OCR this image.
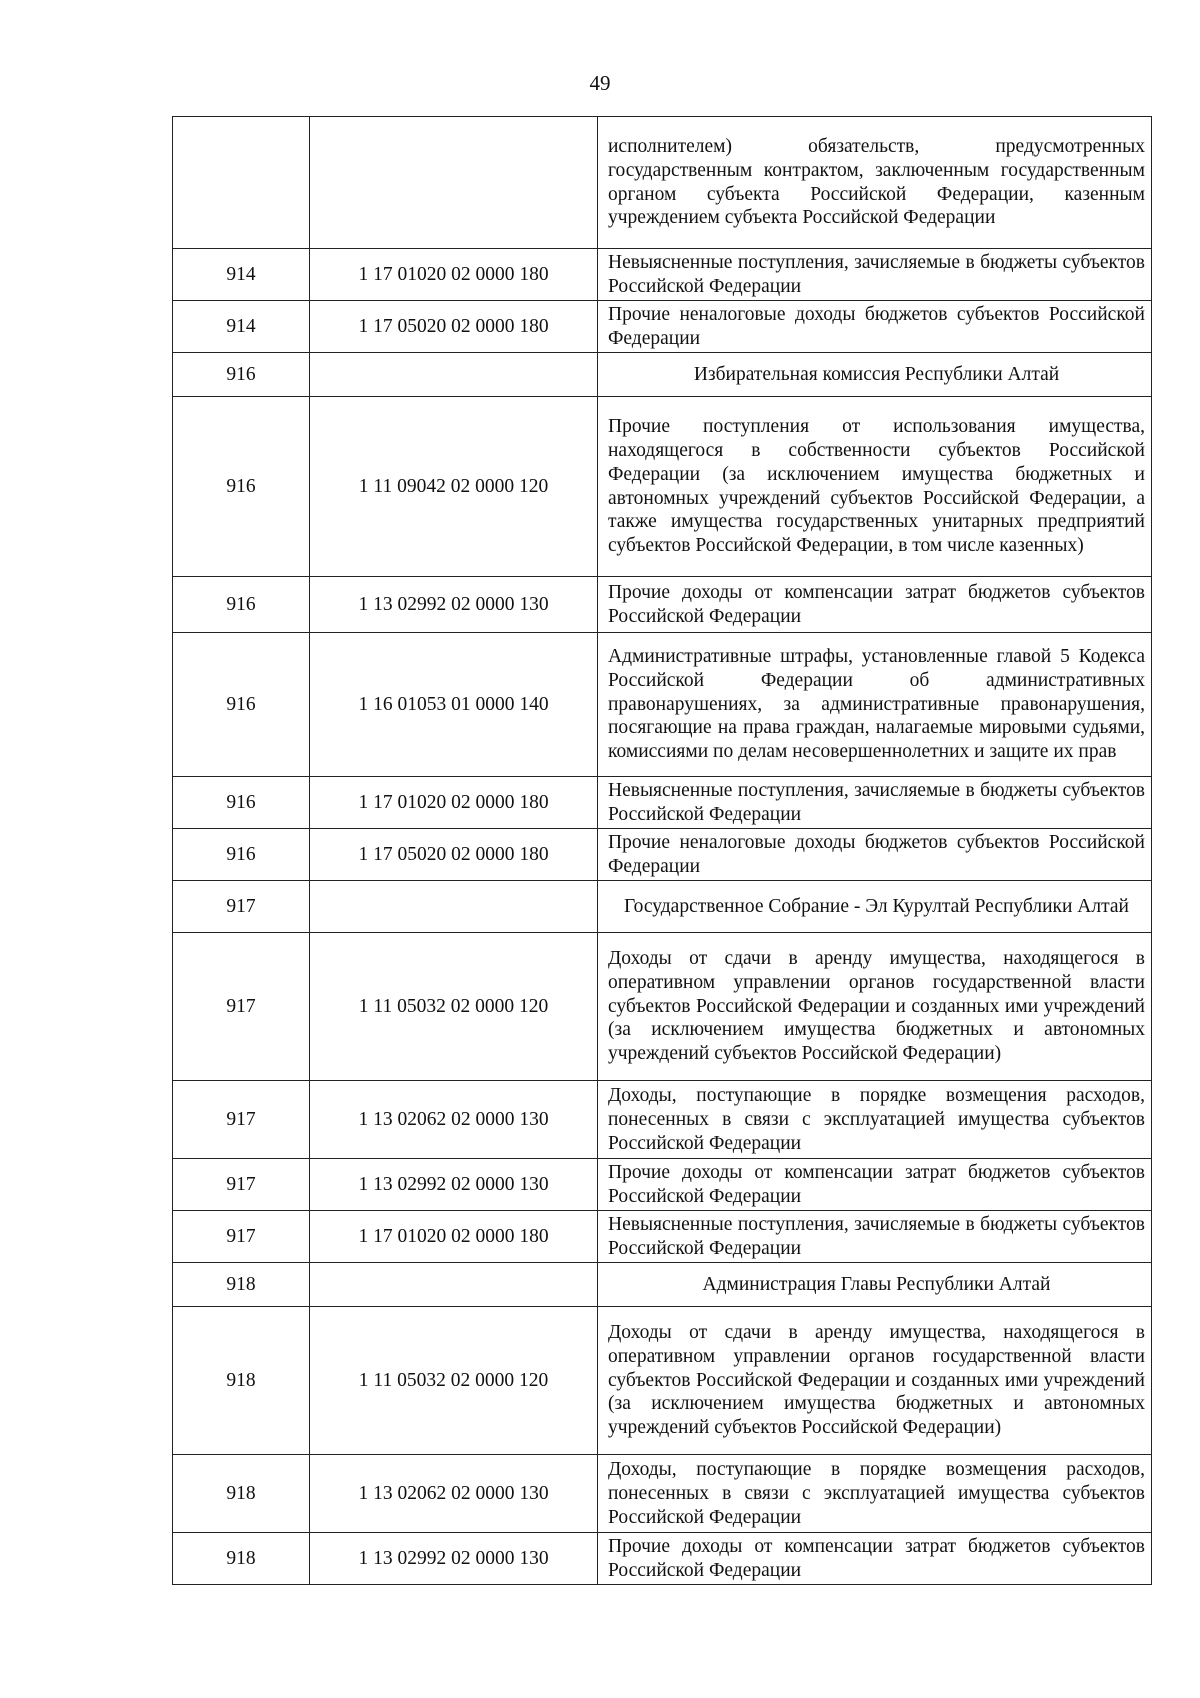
49
		исполнителем) обязательств, предусмотренных государственным контрактом, заключенным государственным органом субъекта Российской Федерации, казенным учреждением субъекта Российской Федерации
914	1 17 01020 02 0000 180	Невыясненные поступления, зачисляемые в бюджеты субъектов Российской Федерации
914	1 17 05020 02 0000 180	Прочие неналоговые доходы бюджетов субъектов Российской Федерации
916		Избирательная комиссия Республики Алтай
916	1 11 09042 02 0000 120	Прочие поступления от использования имущества, находящегося в собственности субъектов Российской Федерации (за исключением имущества бюджетных и автономных учреждений субъектов Российской Федерации, а также имущества государственных унитарных предприятий субъектов Российской Федерации, в том числе казенных)
916	1 13 02992 02 0000 130	Прочие доходы от компенсации затрат бюджетов субъектов Российской Федерации
916	1 16 01053 01 0000 140	Административные штрафы, установленные главой 5 Кодекса Российской Федерации об административных правонарушениях, за административные правонарушения, посягающие на права граждан, налагаемые мировыми судьями, комиссиями по делам несовершеннолетних и защите их прав
916	1 17 01020 02 0000 180	Невыясненные поступления, зачисляемые в бюджеты субъектов Российской Федерации
916	1 17 05020 02 0000 180	Прочие неналоговые доходы бюджетов субъектов Российской Федерации
917		Государственное Собрание - Эл Курултай Республики Алтай
917	1 11 05032 02 0000 120	Доходы от сдачи в аренду имущества, находящегося в оперативном управлении органов государственной власти субъектов Российской Федерации и созданных ими учреждений (за исключением имущества бюджетных и автономных учреждений субъектов Российской Федерации)
917	1 13 02062 02 0000 130	Доходы, поступающие в порядке возмещения расходов, понесенных в связи с эксплуатацией имущества субъектов Российской Федерации
917	1 13 02992 02 0000 130	Прочие доходы от компенсации затрат бюджетов субъектов Российской Федерации
917	1 17 01020 02 0000 180	Невыясненные поступления, зачисляемые в бюджеты субъектов Российской Федерации
918		Администрация Главы Республики Алтай
918	1 11 05032 02 0000 120	Доходы от сдачи в аренду имущества, находящегося в оперативном управлении органов государственной власти субъектов Российской Федерации и созданных ими учреждений (за исключением имущества бюджетных и автономных учреждений субъектов Российской Федерации)
918	1 13 02062 02 0000 130	Доходы, поступающие в порядке возмещения расходов, понесенных в связи с эксплуатацией имущества субъектов Российской Федерации
918	1 13 02992 02 0000 130	Прочие доходы от компенсации затрат бюджетов субъектов Российской Федерации
